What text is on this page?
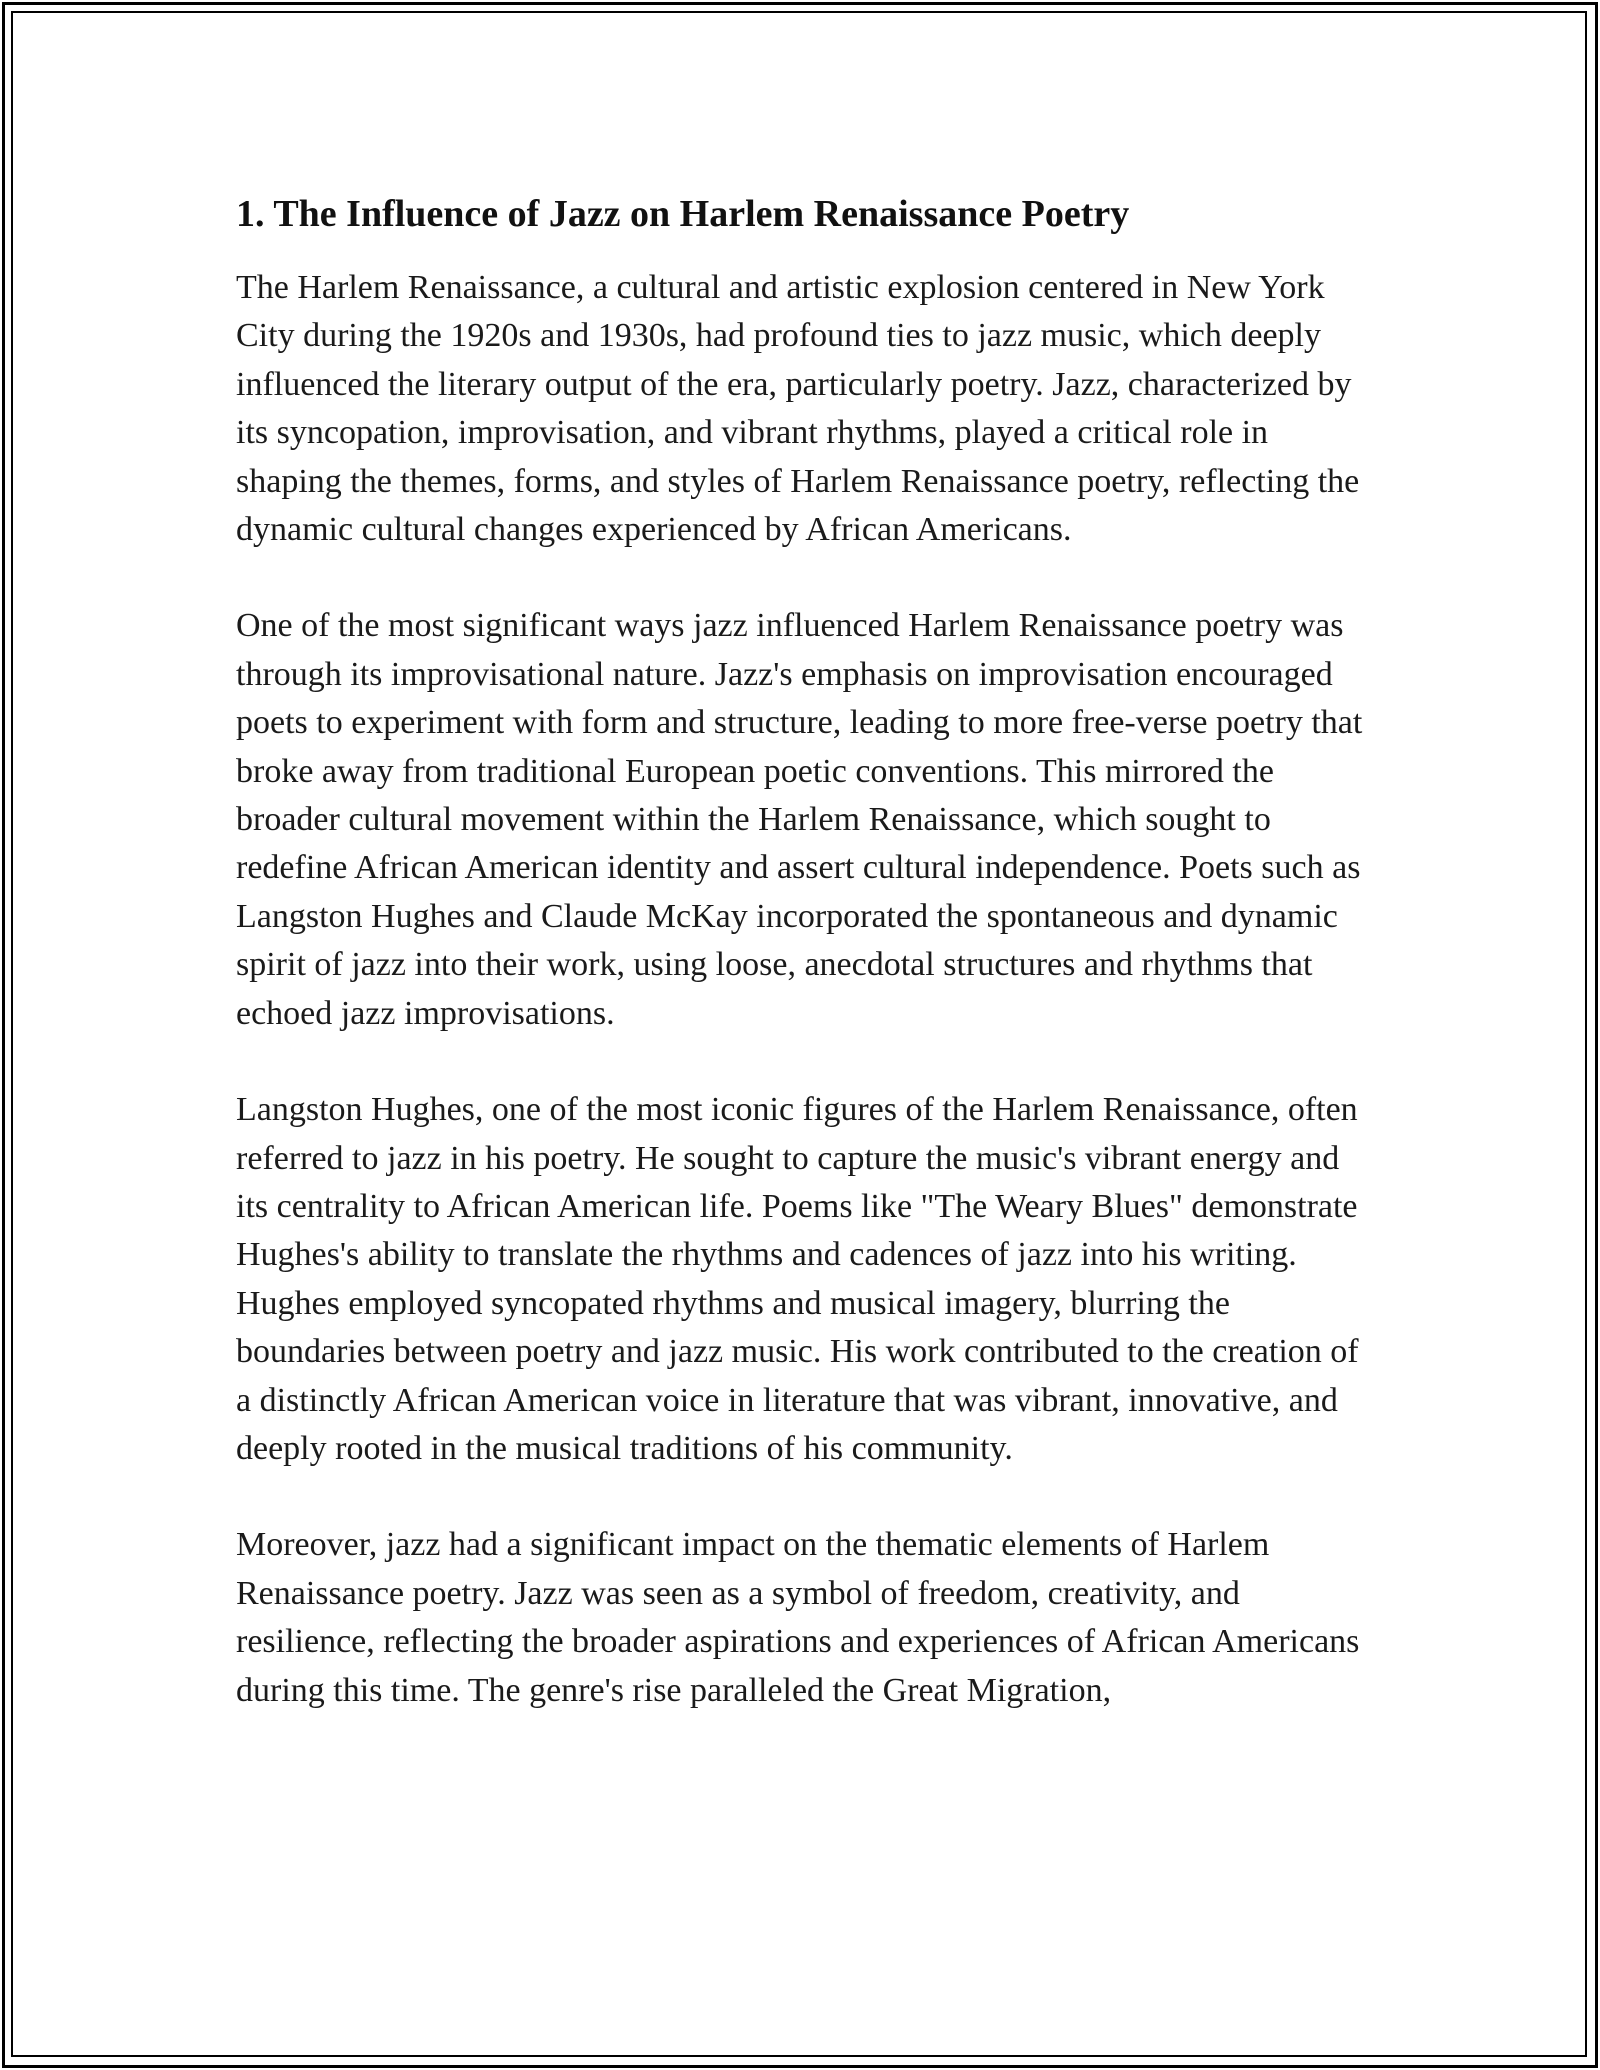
1. The Influence of Jazz on Harlem Renaissance Poetry

The Harlem Renaissance, a cultural and artistic explosion centered in New York City during the 1920s and 1930s, had profound ties to jazz music, which deeply influenced the literary output of the era, particularly poetry. Jazz, characterized by its syncopation, improvisation, and vibrant rhythms, played a critical role in shaping the themes, forms, and styles of Harlem Renaissance poetry, reflecting the dynamic cultural changes experienced by African Americans.

One of the most significant ways jazz influenced Harlem Renaissance poetry was through its improvisational nature. Jazz's emphasis on improvisation encouraged poets to experiment with form and structure, leading to more free-verse poetry that broke away from traditional European poetic conventions. This mirrored the broader cultural movement within the Harlem Renaissance, which sought to redefine African American identity and assert cultural independence. Poets such as Langston Hughes and Claude McKay incorporated the spontaneous and dynamic spirit of jazz into their work, using loose, anecdotal structures and rhythms that echoed jazz improvisations.

Langston Hughes, one of the most iconic figures of the Harlem Renaissance, often referred to jazz in his poetry. He sought to capture the music's vibrant energy and its centrality to African American life. Poems like "The Weary Blues" demonstrate Hughes's ability to translate the rhythms and cadences of jazz into his writing. Hughes employed syncopated rhythms and musical imagery, blurring the boundaries between poetry and jazz music. His work contributed to the creation of a distinctly African American voice in literature that was vibrant, innovative, and deeply rooted in the musical traditions of his community.

Moreover, jazz had a significant impact on the thematic elements of Harlem Renaissance poetry. Jazz was seen as a symbol of freedom, creativity, and resilience, reflecting the broader aspirations and experiences of African Americans during this time. The genre's rise paralleled the Great Migration,
